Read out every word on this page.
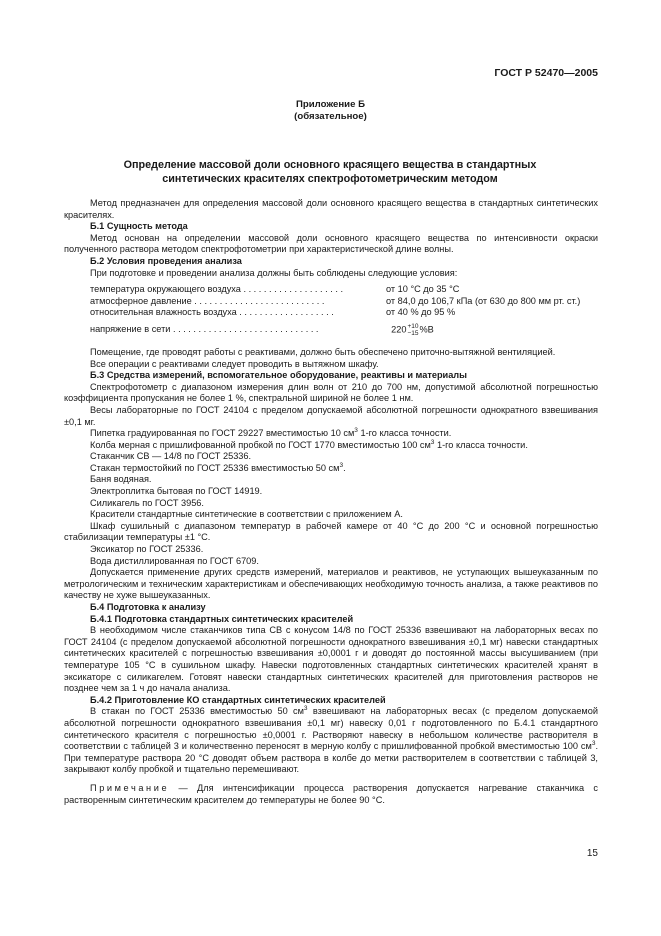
ГОСТ Р 52470—2005
Приложение Б
(обязательное)
Определение массовой доли основного красящего вещества в стандартных
синтетических красителях спектрофотометрическим методом

Метод предназначен для определения массовой доли основного красящего вещества в стандартных синтетических красителях.

Б.1 Сущность метода

Метод основан на определении массовой доли основного красящего вещества по интенсивности окраски полученного раствора методом спектрофотометрии при характеристической длине волны.

Б.2 Условия проведения анализа

При подготовке и проведении анализа должны быть соблюдены следующие условия:

температура окружающего воздуха . . . . . . . . . . . . . . . . . . . .	от 10 °С до 35 °С
атмосферное давление . . . . . . . . . . . . . . . . . . . . . . . . . .	от 84,0 до 106,7 кПа (от 630 до 800 мм рт. ст.)
относительная влажность воздуха . . . . . . . . . . . . . . . . . . .	от 40 % до 95 %
напряжение в сети . . . . . . . . . . . . . . . . . . . . . . . . . . . . .	220 +10
−15 %В

Помещение, где проводят работы с реактивами, должно быть обеспечено приточно-вытяжной вентиляцией.

Все операции с реактивами следует проводить в вытяжном шкафу.

Б.3 Средства измерений, вспомогательное оборудование, реактивы и материалы

Спектрофотометр с диапазоном измерения длин волн от 210 до 700 нм, допустимой абсолютной погрешностью коэффициента пропускания не более 1 %, спектральной шириной не более 1 нм.

Весы лабораторные по ГОСТ 24104 с пределом допускаемой абсолютной погрешности однократного взвешивания ±0,1 мг.

Пипетка градуированная по ГОСТ 29227 вместимостью 10 $см^3$ 1-го класса точности.

Колба мерная с пришлифованной пробкой по ГОСТ 1770 вместимостью 100 $см^3$ 1-го класса точности.

Стаканчик СВ — 14/8 по ГОСТ 25336.

Стакан термостойкий по ГОСТ 25336 вместимостью 50 $см^3$.

Баня водяная.

Электроплитка бытовая по ГОСТ 14919.

Силикагель по ГОСТ 3956.

Красители стандартные синтетические в соответствии с приложением А.

Шкаф сушильный с диапазоном температур в рабочей камере от 40 °С до 200 °С и основной погрешностью стабилизации температуры ±1 °С.

Эксикатор по ГОСТ 25336.

Вода дистиллированная по ГОСТ 6709.

Допускается применение других средств измерений, материалов и реактивов, не уступающих вышеуказанным по метрологическим и техническим характеристикам и обеспечивающих необходимую точность анализа, а также реактивов по качеству не хуже вышеуказанных.

Б.4 Подготовка к анализу

Б.4.1 Подготовка стандартных синтетических красителей

В необходимом числе стаканчиков типа СВ с конусом 14/8 по ГОСТ 25336 взвешивают на лабораторных весах по ГОСТ 24104 (с пределом допускаемой абсолютной погрешности однократного взвешивания ±0,1 мг) навески стандартных синтетических красителей с погрешностью взвешивания ±0,0001 г и доводят до постоянной массы высушиванием (при температуре 105 °С в сушильном шкафу. Навески подготовленных стандартных синтетических красителей хранят в эксикаторе с силикагелем. Готовят навески стандартных синтетических красителей для приготовления растворов не позднее чем за 1 ч до начала анализа.

Б.4.2 Приготовление КО стандартных синтетических красителей

В стакан по ГОСТ 25336 вместимостью 50 $см^3$ взвешивают на лабораторных весах (с пределом допускаемой абсолютной погрешности однократного взвешивания ±0,1 мг) навеску 0,01 г подготовленного по Б.4.1 стандартного синтетического красителя с погрешностью ±0,0001 г. Растворяют навеску в небольшом количестве растворителя в соответствии с таблицей 3 и количественно переносят в мерную колбу с пришлифованной пробкой вместимостью 100 $см^3$. При температуре раствора 20 °С доводят объем раствора в колбе до метки растворителем в соответствии с таблицей 3, закрывают колбу пробкой и тщательно перемешивают.

Примечание — Для интенсификации процесса растворения допускается нагревание стаканчика с растворенным синтетическим красителем до температуры не более 90 °С.

15
